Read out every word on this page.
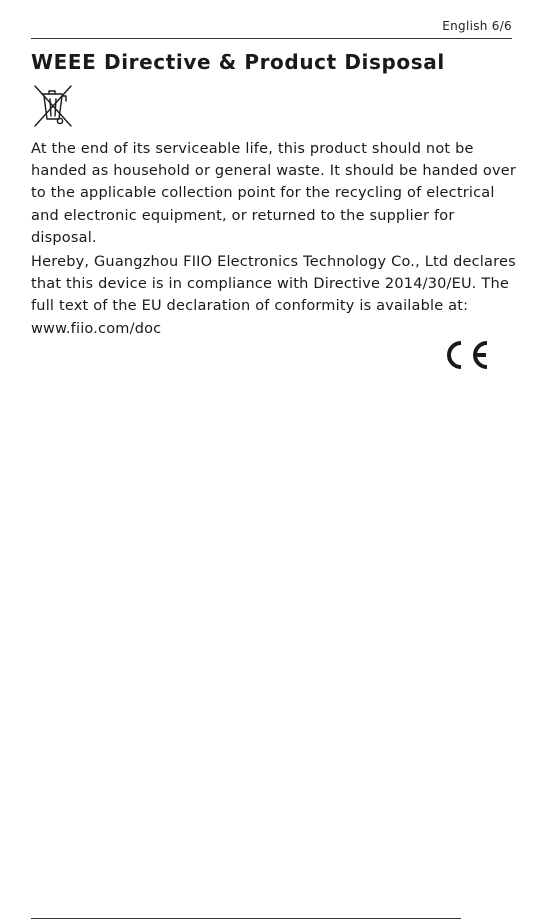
English 6/6
WEEE Directive & Product Disposal

At the end of its serviceable life, this product should not be handed as household or general waste. It should be handed over to the applicable collection point for the recycling of electrical and electronic equipment, or returned to the supplier for disposal.

Hereby, Guangzhou FIIO Electronics Technology Co., Ltd declares that this device is in compliance with Directive 2014/30/EU. The full text of the EU declaration of conformity is available at: www.fiio.com/doc
